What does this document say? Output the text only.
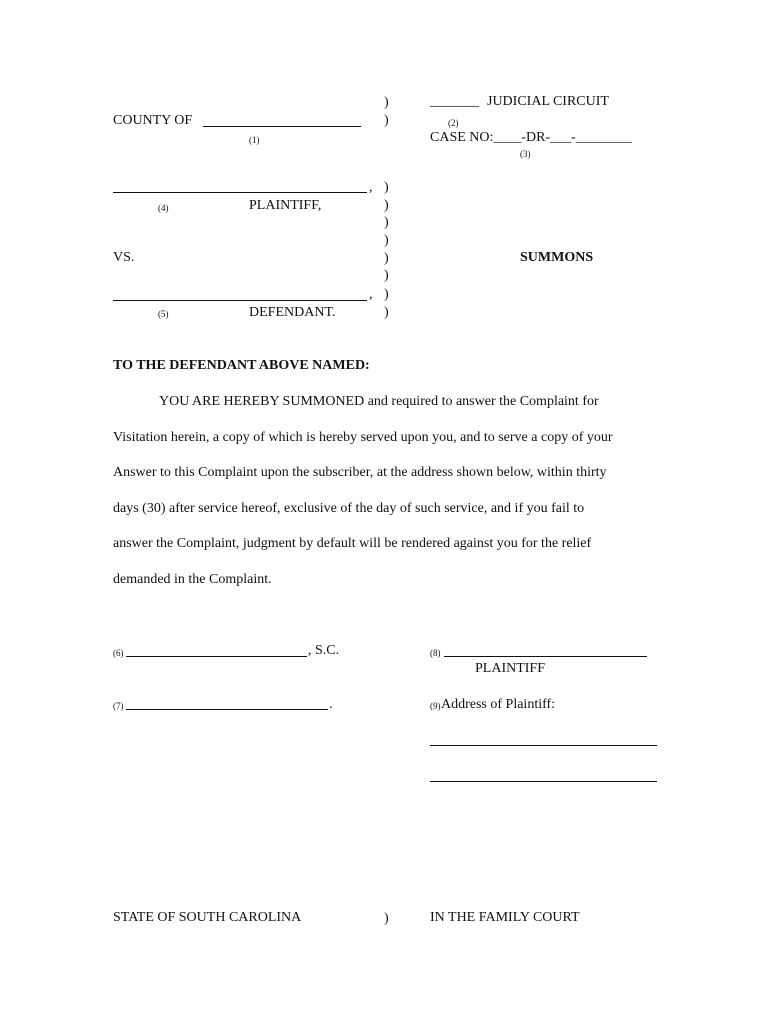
)
)
_______ JUDICIAL CIRCUIT
(2)
CASE NO:____-DR-___-________
(3)
COUNTY OF
(1)
, )
(4)	PLAINTIFF,	)
)
)
VS.	)	SUMMONS
)
, )
(5)	DEFENDANT.	)
TO THE DEFENDANT ABOVE NAMED:

YOU ARE HEREBY SUMMONED and required to answer the Complaint for

Visitation herein, a copy of which is hereby served upon you, and to serve a copy of your

Answer to this Complaint upon the subscriber, at the address shown below, within thirty

days (30) after service hereof, exclusive of the day of such service, and if you fail to

answer the Complaint, judgment by default will be rendered against you for the relief

demanded in the Complaint.

(6)	, S.C.
(7)	.
(8)
PLAINTIFF
(9) Address of Plaintiff:
STATE OF SOUTH CAROLINA	)	IN THE FAMILY COURT
